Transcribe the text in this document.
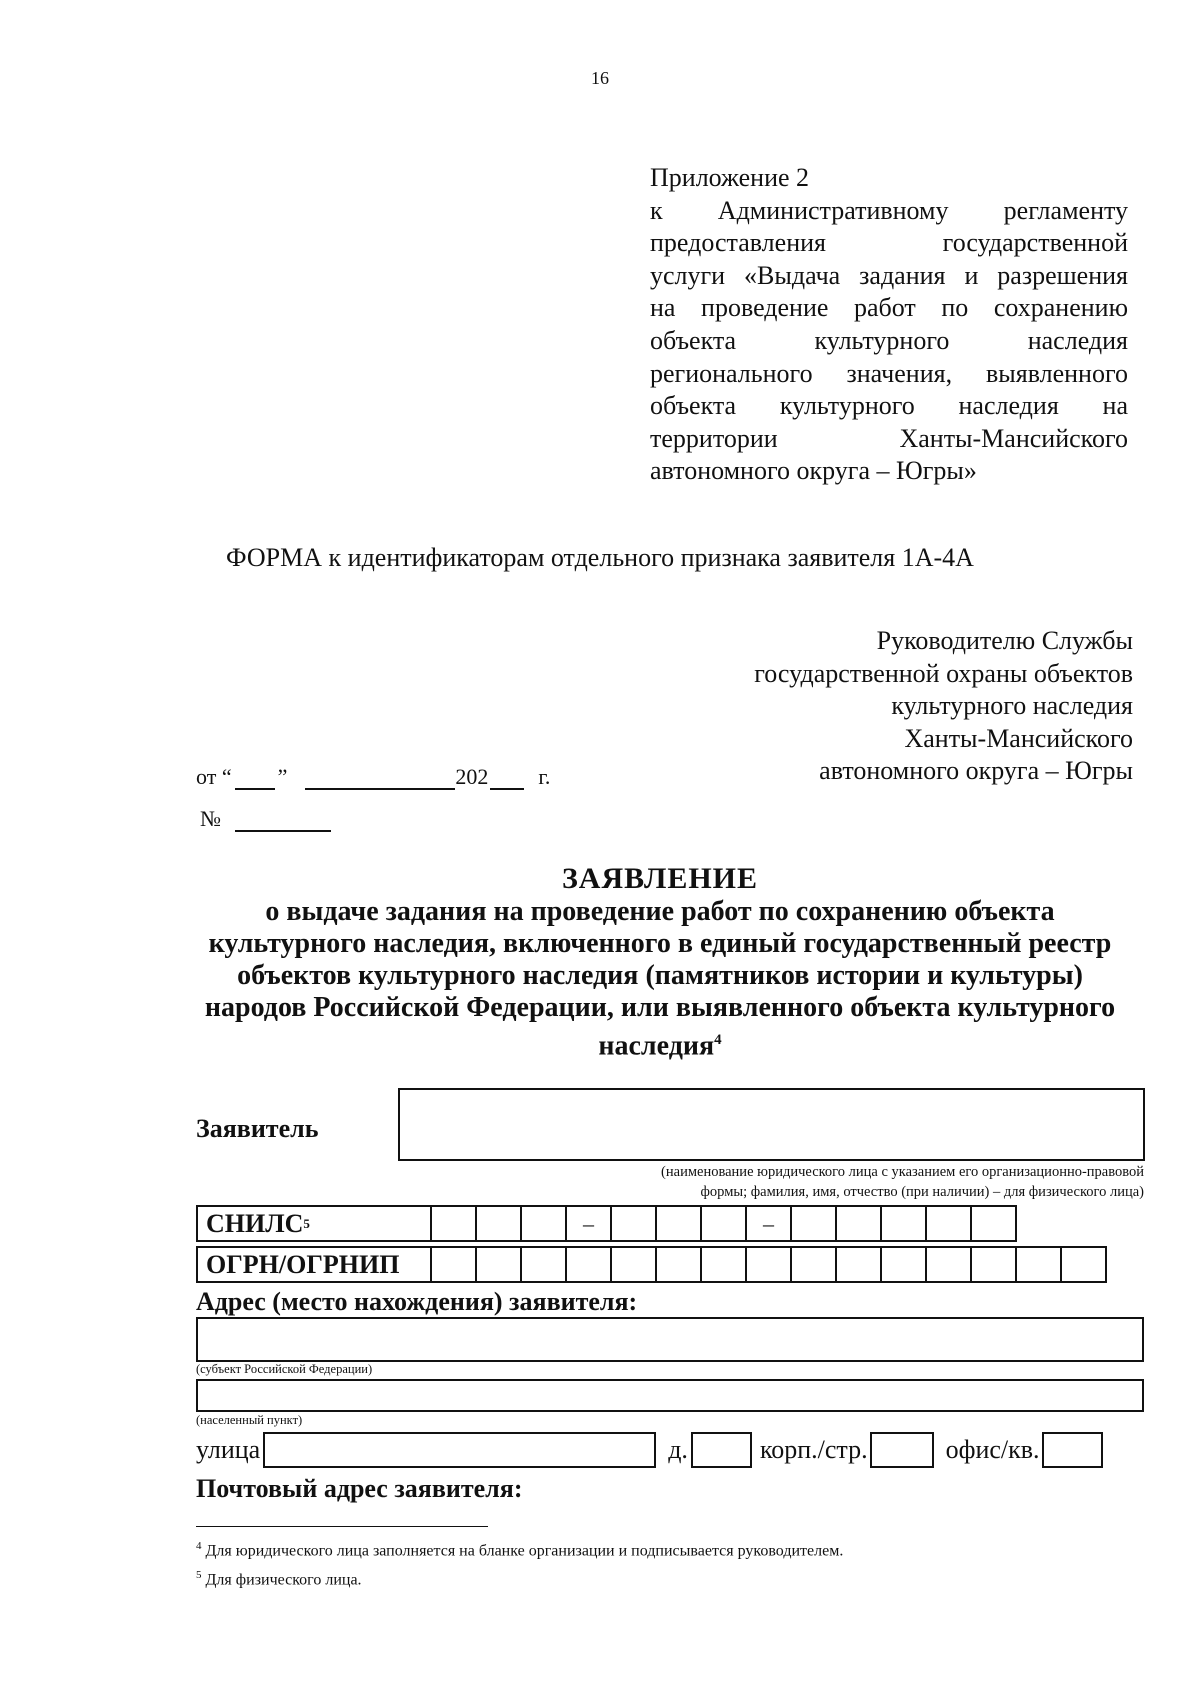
16
Приложение 2
к Административному регламенту
предоставления государственной
услуги «Выдача задания и разрешения
на проведение работ по сохранению
объекта культурного наследия
регионального значения, выявленного
объекта культурного наследия на
территории Ханты-Мансийского
автономного округа – Югры»
ФОРМА к идентификаторам отдельного признака заявителя 1А-4А
Руководителю Службы
государственной охраны объектов
культурного наследия
Ханты-Мансийского
автономного округа – Югры
от “ ”	202 г.
№
ЗАЯВЛЕНИЕ
о выдаче задания на проведение работ по сохранению объекта
культурного наследия, включенного в единый государственный реестр
объектов культурного наследия (памятников истории и культуры)
народов Российской Федерации, или выявленного объекта культурного
наследия$^4$
Заявитель
(наименование юридического лица с указанием его организационно-правовой
формы; фамилия, имя, отчество (при наличии) – для физического лица)
СНИЛС 5	–	–
ОГРН/ОГРНИП
Адрес (место нахождения) заявителя:
(субъект Российской Федерации)
(населенный пункт)
улица	д.	корп./стр.	офис/кв.
Почтовый адрес заявителя:
$^4$ Для юридического лица заполняется на бланке организации и подписывается руководителем.
$^5$ Для физического лица.
